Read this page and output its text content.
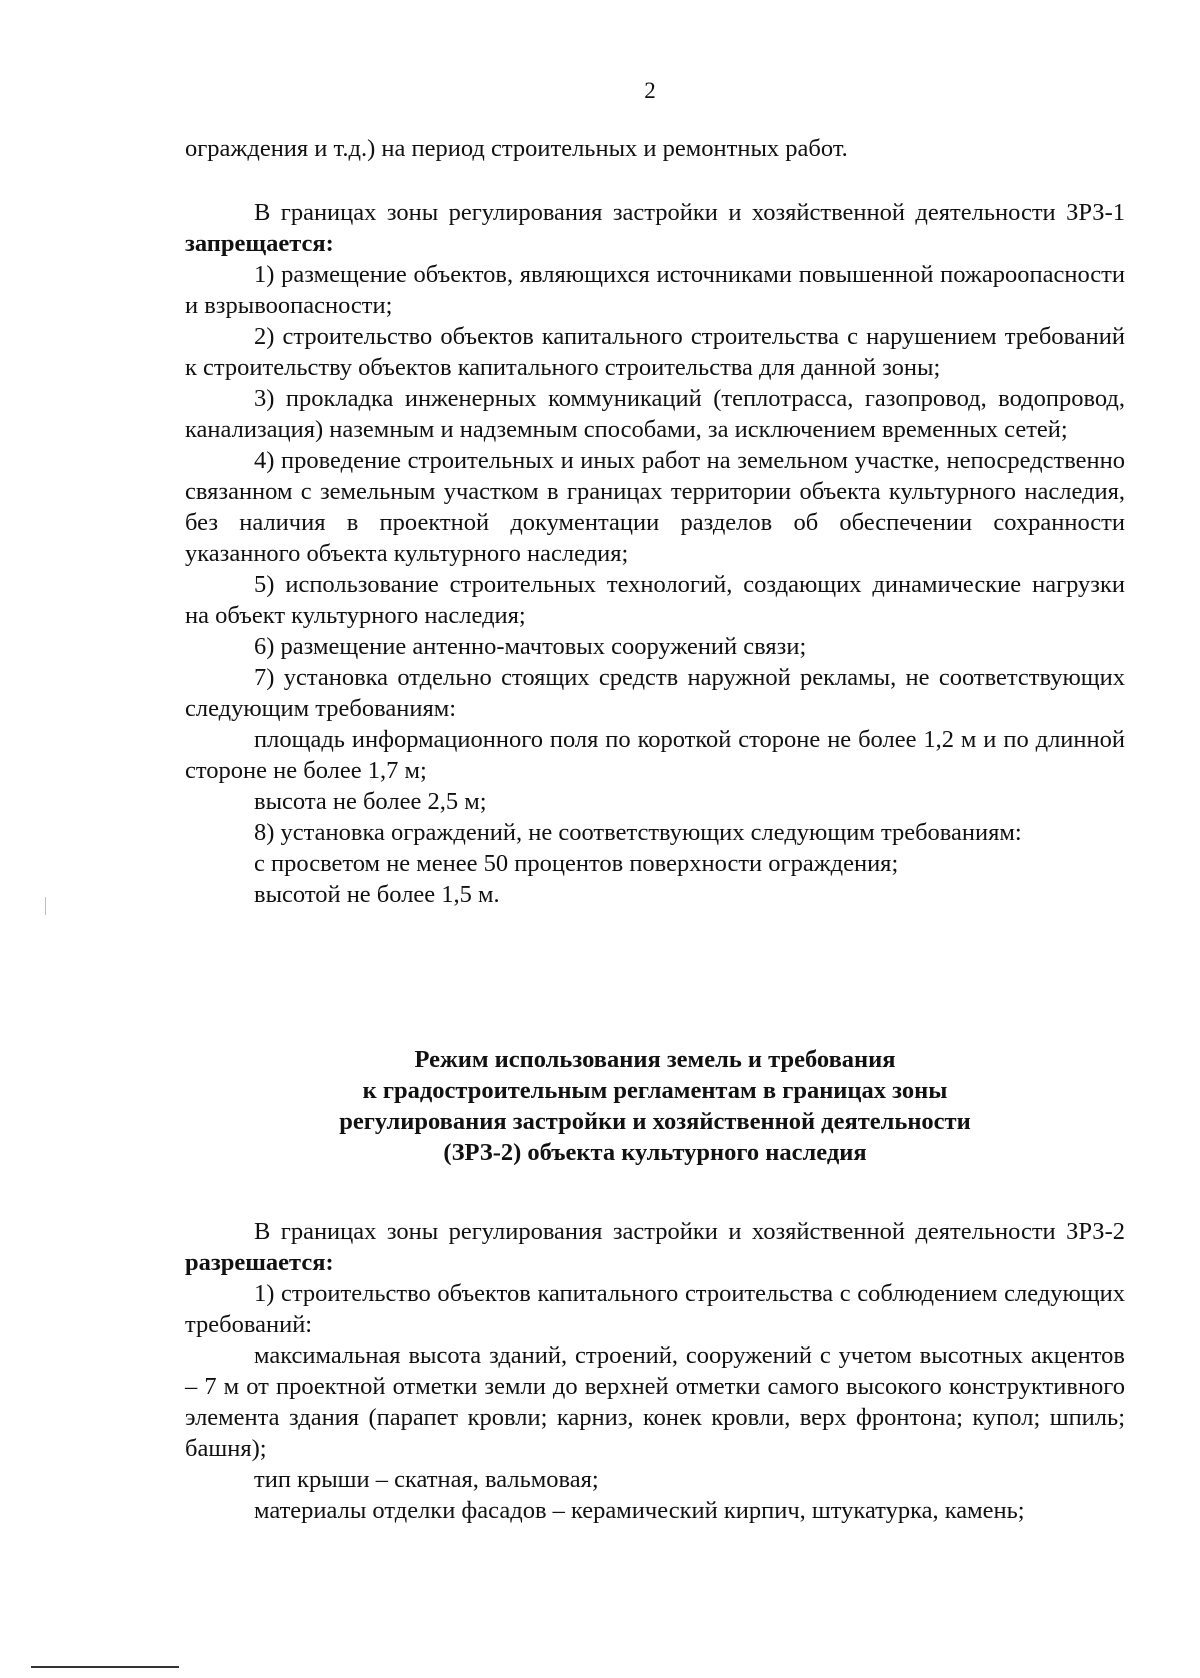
2

ограждения и т.д.) на период строительных и ремонтных работ.

В границах зоны регулирования застройки и хозяйственной деятельности ЗРЗ-1 запрещается:

1) размещение объектов, являющихся источниками повышенной пожароопасности и взрывоопасности;

2) строительство объектов капитального строительства с нарушением требований к строительству объектов капитального строительства для данной зоны;

3) прокладка инженерных коммуникаций (теплотрасса, газопровод, водопровод, канализация) наземным и надземным способами, за исключением временных сетей;

4) проведение строительных и иных работ на земельном участке, непосредственно связанном с земельным участком в границах территории объекта культурного наследия, без наличия в проектной документации разделов об обеспечении сохранности указанного объекта культурного наследия;

5) использование строительных технологий, создающих динамические нагрузки на объект культурного наследия;

6) размещение антенно-мачтовых сооружений связи;

7) установка отдельно стоящих средств наружной рекламы, не соответствующих следующим требованиям:

площадь информационного поля по короткой стороне не более 1,2 м и по длинной стороне не более 1,7 м;

высота не более 2,5 м;

8) установка ограждений, не соответствующих следующим требованиям:

с просветом не менее 50 процентов поверхности ограждения;

высотой не более 1,5 м.

Режим использования земель и требования
к градостроительным регламентам в границах зоны
регулирования застройки и хозяйственной деятельности
(ЗРЗ-2) объекта культурного наследия

В границах зоны регулирования застройки и хозяйственной деятельности ЗРЗ-2 разрешается:

1) строительство объектов капитального строительства с соблюдением следующих требований:

максимальная высота зданий, строений, сооружений с учетом высотных акцентов – 7 м от проектной отметки земли до верхней отметки самого высокого конструктивного элемента здания (парапет кровли; карниз, конек кровли, верх фронтона; купол; шпиль; башня);

тип крыши – скатная, вальмовая;

материалы отделки фасадов – керамический кирпич, штукатурка, камень;
